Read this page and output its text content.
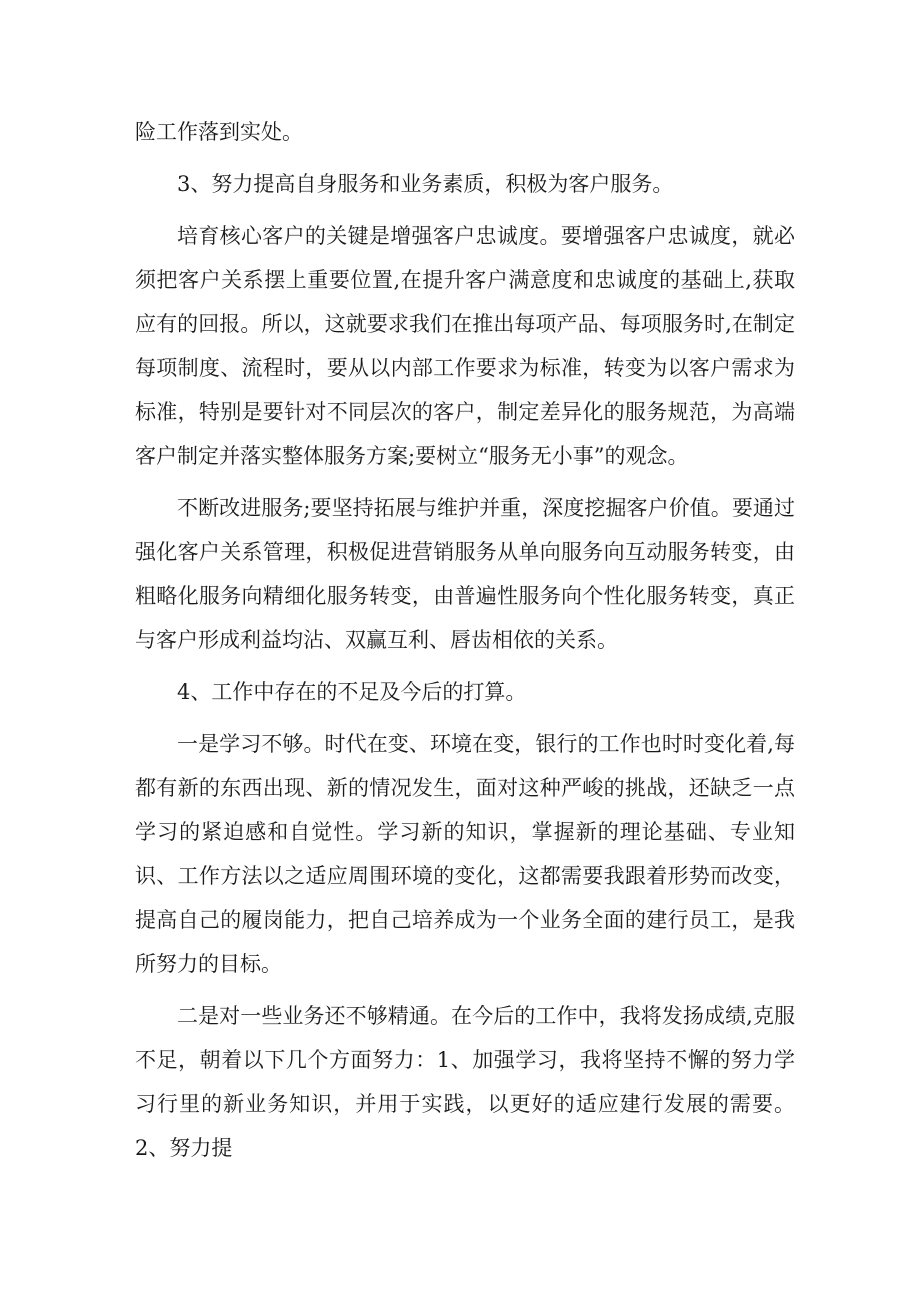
险工作落到实处。

3、努力提高自身服务和业务素质，积极为客户服务。

培育核心客户的关键是增强客户忠诚度。要增强客户忠诚度，就必须把客户关系摆上重要位置,在提升客户满意度和忠诚度的基础上,获取应有的回报。所以，这就要求我们在推出每项产品、每项服务时,在制定每项制度、流程时，要从以内部工作要求为标准，转变为以客户需求为标准，特别是要针对不同层次的客户，制定差异化的服务规范，为高端客户制定并落实整体服务方案;要树立“服务无小事”的观念。

不断改进服务;要坚持拓展与维护并重，深度挖掘客户价值。要通过强化客户关系管理，积极促进营销服务从单向服务向互动服务转变，由粗略化服务向精细化服务转变，由普遍性服务向个性化服务转变，真正与客户形成利益均沾、双赢互利、唇齿相依的关系。

4、工作中存在的不足及今后的打算。

一是学习不够。时代在变、环境在变，银行的工作也时时变化着,每都有新的东西出现、新的情况发生，面对这种严峻的挑战，还缺乏一点学习的紧迫感和自觉性。学习新的知识，掌握新的理论基础、专业知识、工作方法以之适应周围环境的变化，这都需要我跟着形势而改变，提高自己的履岗能力，把自己培养成为一个业务全面的建行员工，是我所努力的目标。

二是对一些业务还不够精通。在今后的工作中，我将发扬成绩,克服不足，朝着以下几个方面努力：1、加强学习，我将坚持不懈的努力学习行里的新业务知识，并用于实践，以更好的适应建行发展的需要。2、努力提
